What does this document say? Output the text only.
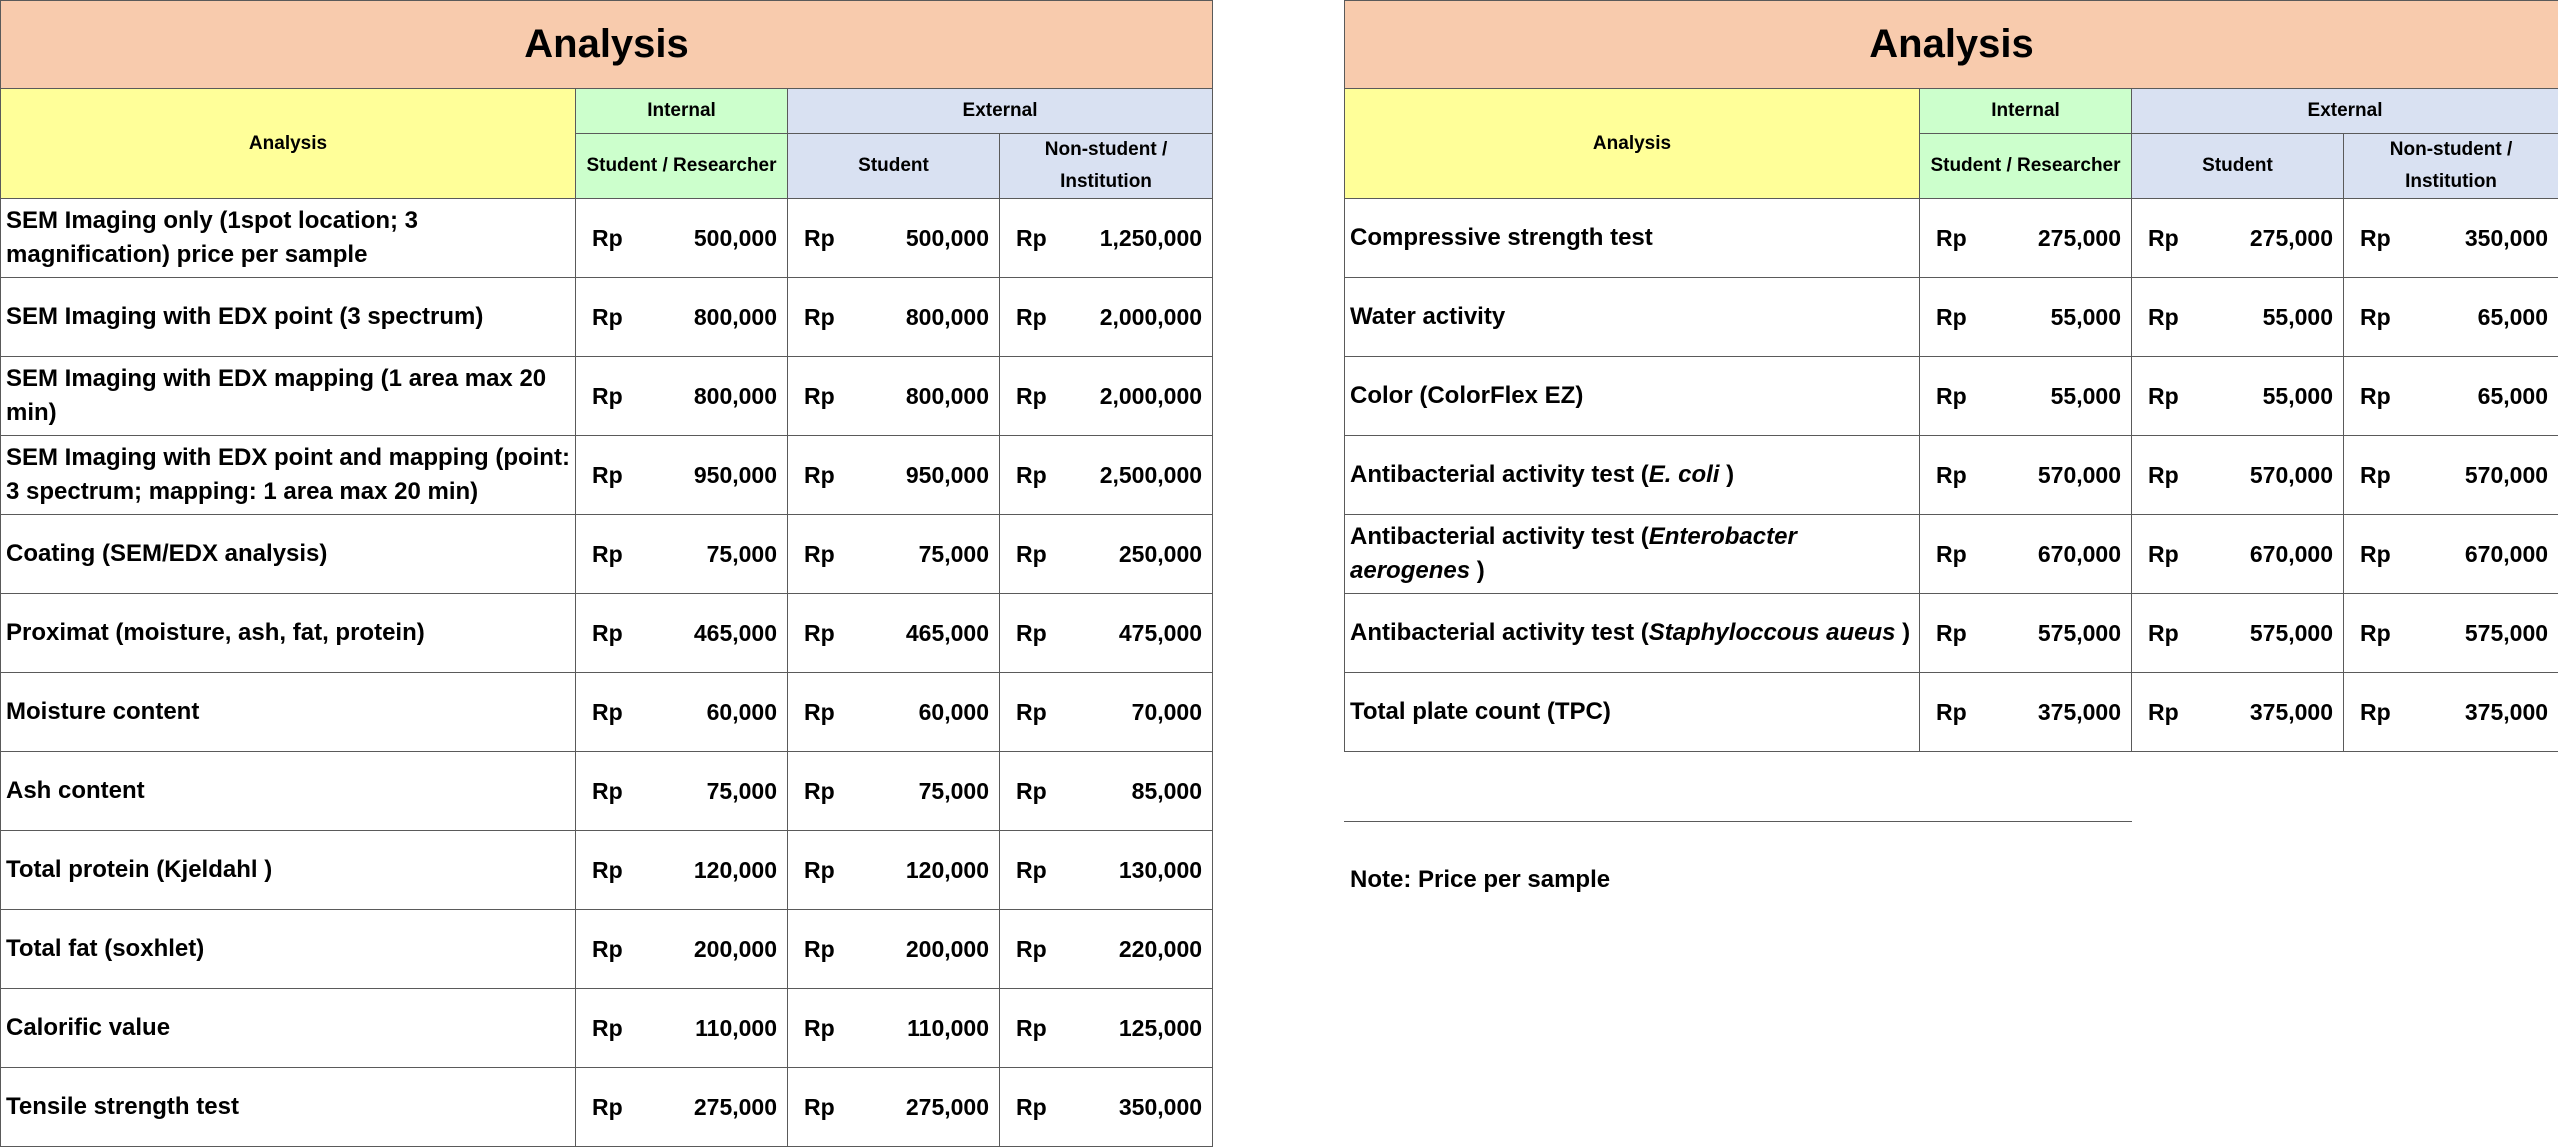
Analysis			
Analysis	Internal	External	
	Student / Researcher	Student	Non-student / Institution
SEM Imaging only (1spot location; 3 magnification) price per sample	Rp 500,000	Rp 500,000	Rp 1,250,000

SEM Imaging with EDX point (3 spectrum)	Rp 800,000	Rp 800,000	Rp 2,000,000

SEM Imaging with EDX mapping (1 area max 20 min)	Rp 800,000	Rp 800,000	Rp 2,000,000

SEM Imaging with EDX point and mapping (point: 3 spectrum; mapping: 1 area max 20 min)	Rp 950,000	Rp 950,000	Rp 2,500,000

Coating (SEM/EDX analysis)	Rp 75,000	Rp 75,000	Rp 250,000

Proximat (moisture, ash, fat, protein)	Rp 465,000	Rp 465,000	Rp 475,000

Moisture content	Rp 60,000	Rp 60,000	Rp 70,000

Ash content	Rp 75,000	Rp 75,000	Rp 85,000

Total protein (Kjeldahl )	Rp 120,000	Rp 120,000	Rp 130,000

Total fat (soxhlet)	Rp 200,000	Rp 200,000	Rp 220,000

Calorific value	Rp 110,000	Rp 110,000	Rp 125,000

Tensile strength test	Rp 275,000	Rp 275,000	Rp 350,000
Analysis			
Analysis	Internal	External	
	Student / Researcher	Student	Non-student / Institution
Compressive strength test	Rp 275,000	Rp 275,000	Rp 350,000

Water activity	Rp 55,000	Rp 55,000	Rp 65,000

Color (ColorFlex EZ)	Rp 55,000	Rp 55,000	Rp 65,000

Antibacterial activity test (E. coli )	Rp 570,000	Rp 570,000	Rp 570,000

Antibacterial activity test (Enterobacter aerogenes )	Rp 670,000	Rp 670,000	Rp 670,000

Antibacterial activity test (Staphyloccous aueus )	Rp 575,000	Rp 575,000	Rp 575,000

Total plate count (TPC)	Rp 375,000	Rp 375,000	Rp 375,000
Note: Price per sample
